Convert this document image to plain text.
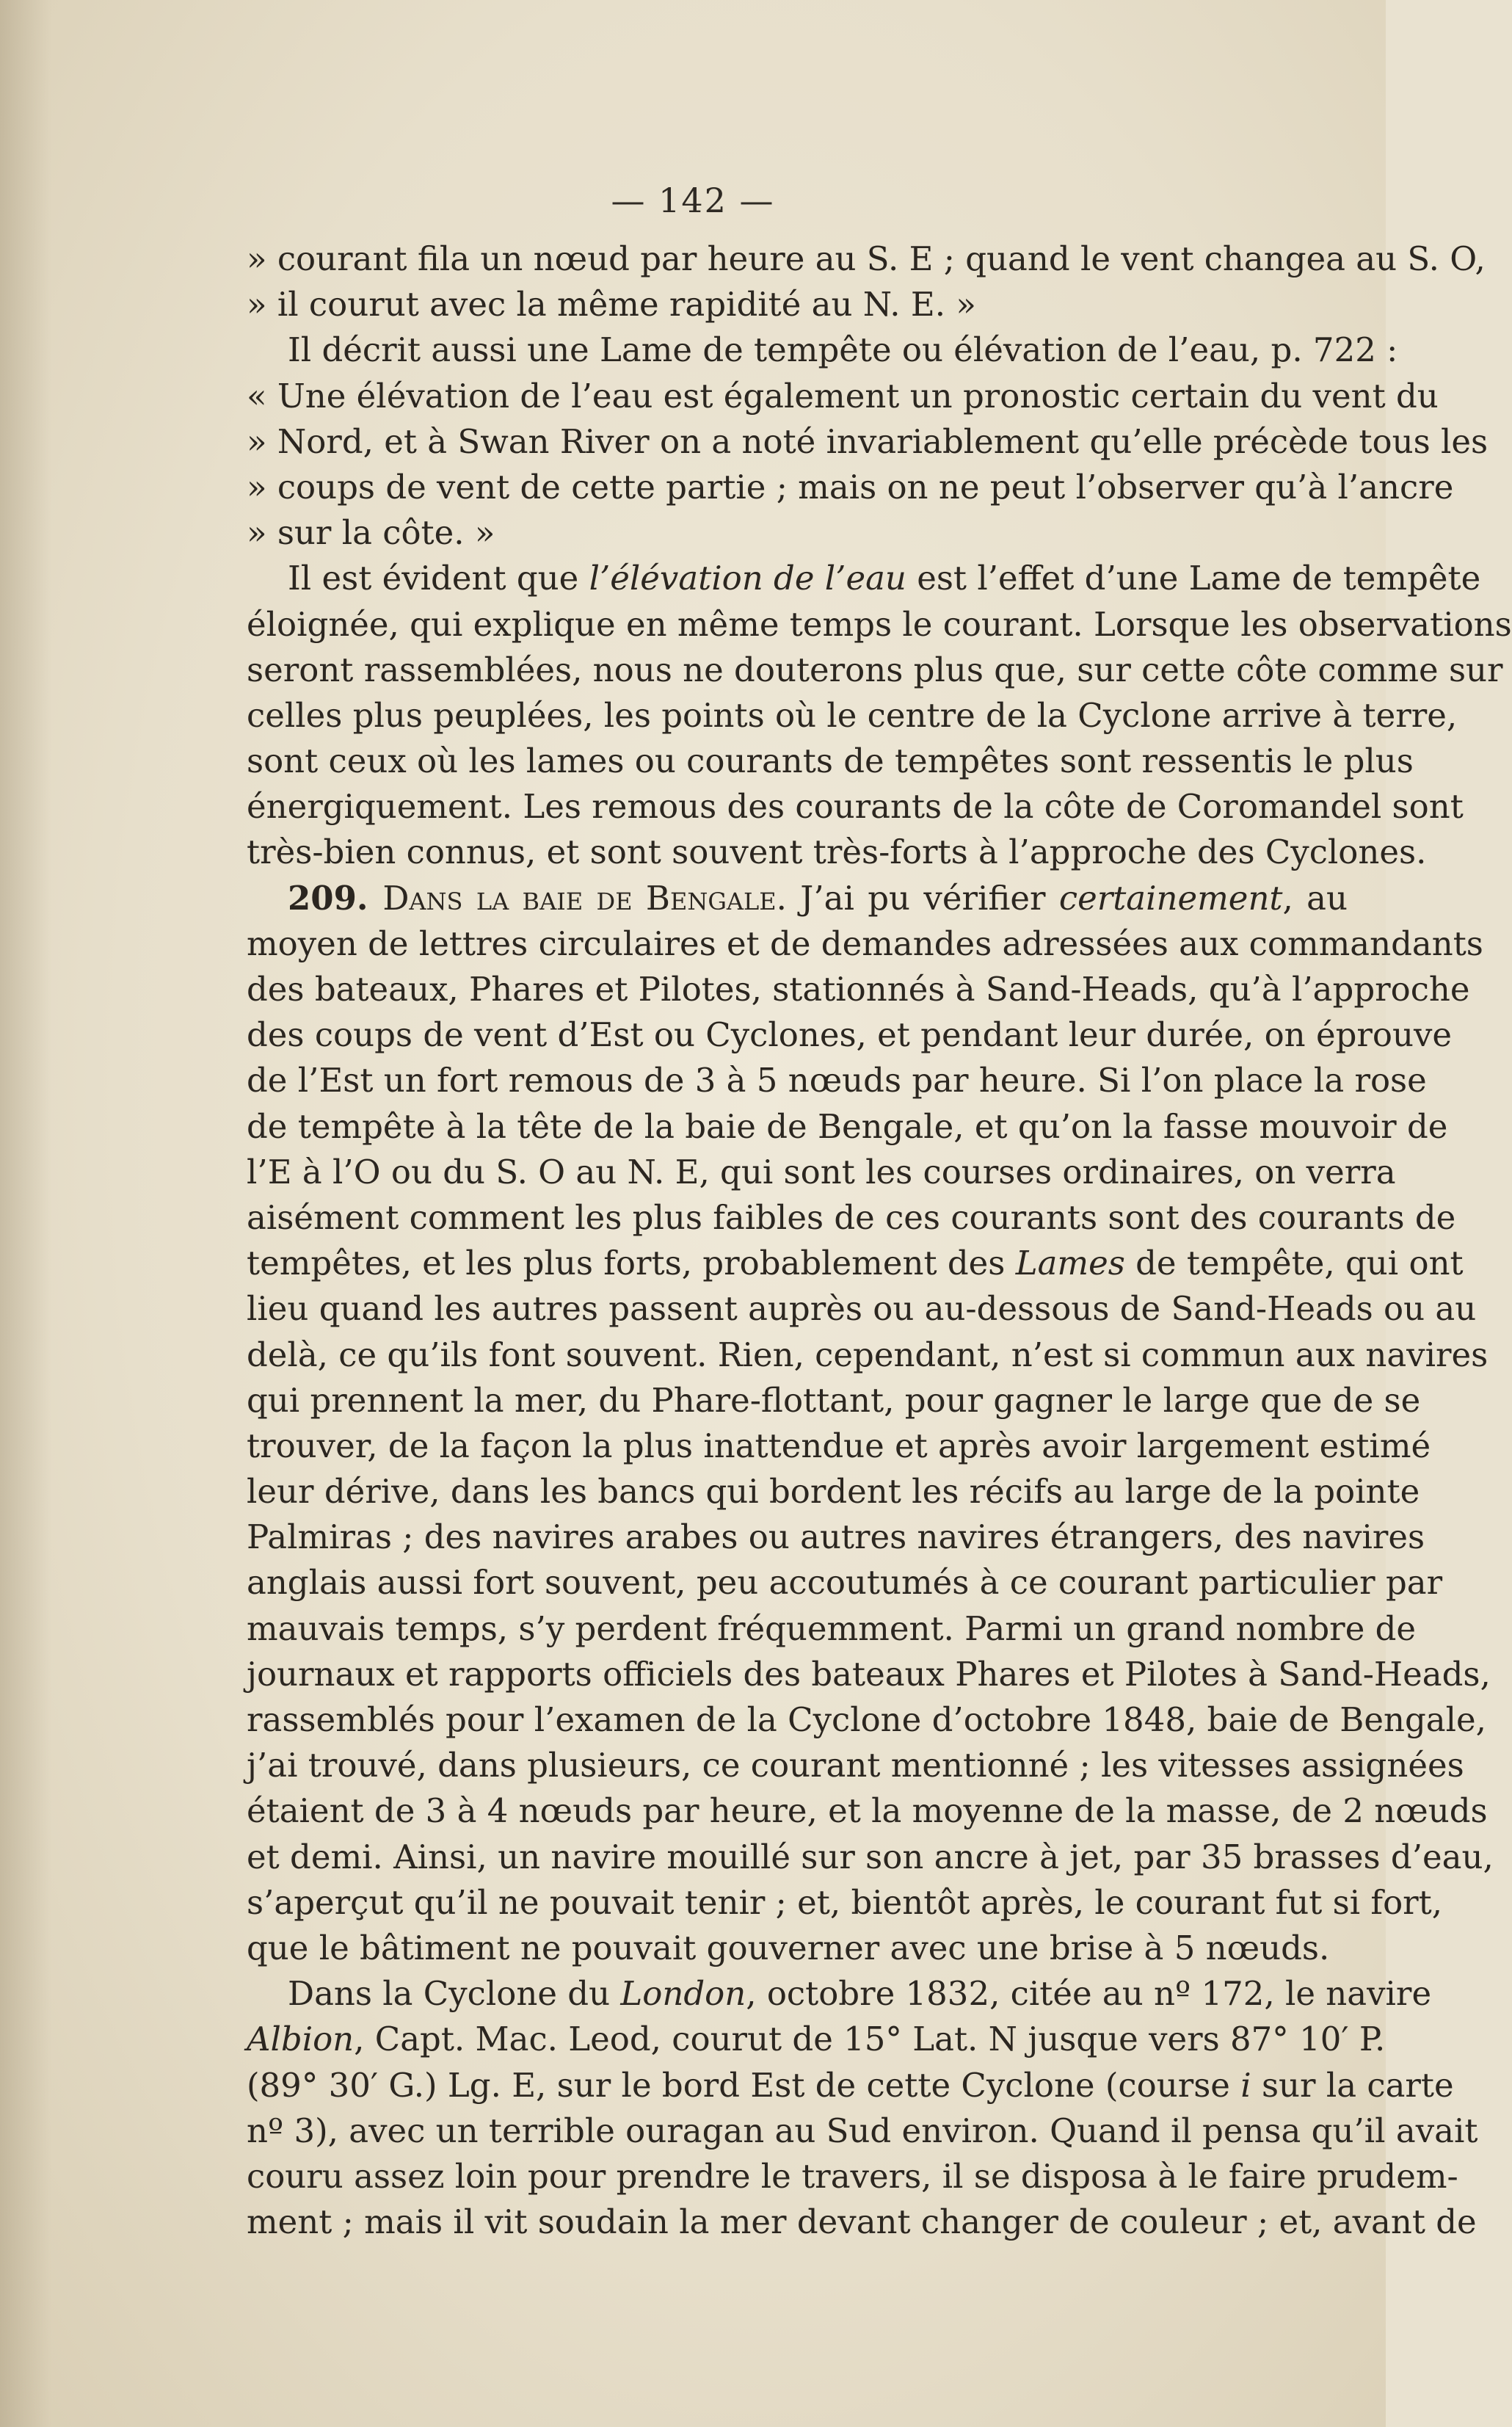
— 142 —
» courant fila un nœud par heure au S. E ; quand le vent changea au S. O,
» il courut avec la même rapidité au N. E. »
Il décrit aussi une Lame de tempête ou élévation de l’eau, p. 722 :
« Une élévation de l’eau est également un pronostic certain du vent du
» Nord, et à Swan River on a noté invariablement qu’elle précède tous les
» coups de vent de cette partie ; mais on ne peut l’observer qu’à l’ancre
» sur la côte. »
Il est évident que l’élévation de l’eau est l’effet d’une Lame de tempête
éloignée, qui explique en même temps le courant. Lorsque les observations
seront rassemblées, nous ne douterons plus que, sur cette côte comme sur
celles plus peuplées, les points où le centre de la Cyclone arrive à terre,
sont ceux où les lames ou courants de tempêtes sont ressentis le plus
énergiquement. Les remous des courants de la côte de Coromandel sont
très-bien connus, et sont souvent très-forts à l’approche des Cyclones.
209. Dans la baie de Bengale. J’ai pu vérifier certainement, au
moyen de lettres circulaires et de demandes adressées aux commandants
des bateaux, Phares et Pilotes, stationnés à Sand-Heads, qu’à l’approche
des coups de vent d’Est ou Cyclones, et pendant leur durée, on éprouve
de l’Est un fort remous de 3 à 5 nœuds par heure. Si l’on place la rose
de tempête à la tête de la baie de Bengale, et qu’on la fasse mouvoir de
l’E à l’O ou du S. O au N. E, qui sont les courses ordinaires, on verra
aisément comment les plus faibles de ces courants sont des courants de
tempêtes, et les plus forts, probablement des Lames de tempête, qui ont
lieu quand les autres passent auprès ou au-dessous de Sand-Heads ou au
delà, ce qu’ils font souvent. Rien, cependant, n’est si commun aux navires
qui prennent la mer, du Phare-flottant, pour gagner le large que de se
trouver, de la façon la plus inattendue et après avoir largement estimé
leur dérive, dans les bancs qui bordent les récifs au large de la pointe
Palmiras ; des navires arabes ou autres navires étrangers, des navires
anglais aussi fort souvent, peu accoutumés à ce courant particulier par
mauvais temps, s’y perdent fréquemment. Parmi un grand nombre de
journaux et rapports officiels des bateaux Phares et Pilotes à Sand-Heads,
rassemblés pour l’examen de la Cyclone d’octobre 1848, baie de Bengale,
j’ai trouvé, dans plusieurs, ce courant mentionné ; les vitesses assignées
étaient de 3 à 4 nœuds par heure, et la moyenne de la masse, de 2 nœuds
et demi. Ainsi, un navire mouillé sur son ancre à jet, par 35 brasses d’eau,
s’aperçut qu’il ne pouvait tenir ; et, bientôt après, le courant fut si fort,
que le bâtiment ne pouvait gouverner avec une brise à 5 nœuds.
Dans la Cyclone du London, octobre 1832, citée au nº 172, le navire
Albion, Capt. Mac. Leod, courut de 15° Lat. N jusque vers 87° 10′ P.
(89° 30′ G.) Lg. E, sur le bord Est de cette Cyclone (course i sur la carte
nº 3), avec un terrible ouragan au Sud environ. Quand il pensa qu’il avait
couru assez loin pour prendre le travers, il se disposa à le faire prudem-
ment ; mais il vit soudain la mer devant changer de couleur ; et, avant de
